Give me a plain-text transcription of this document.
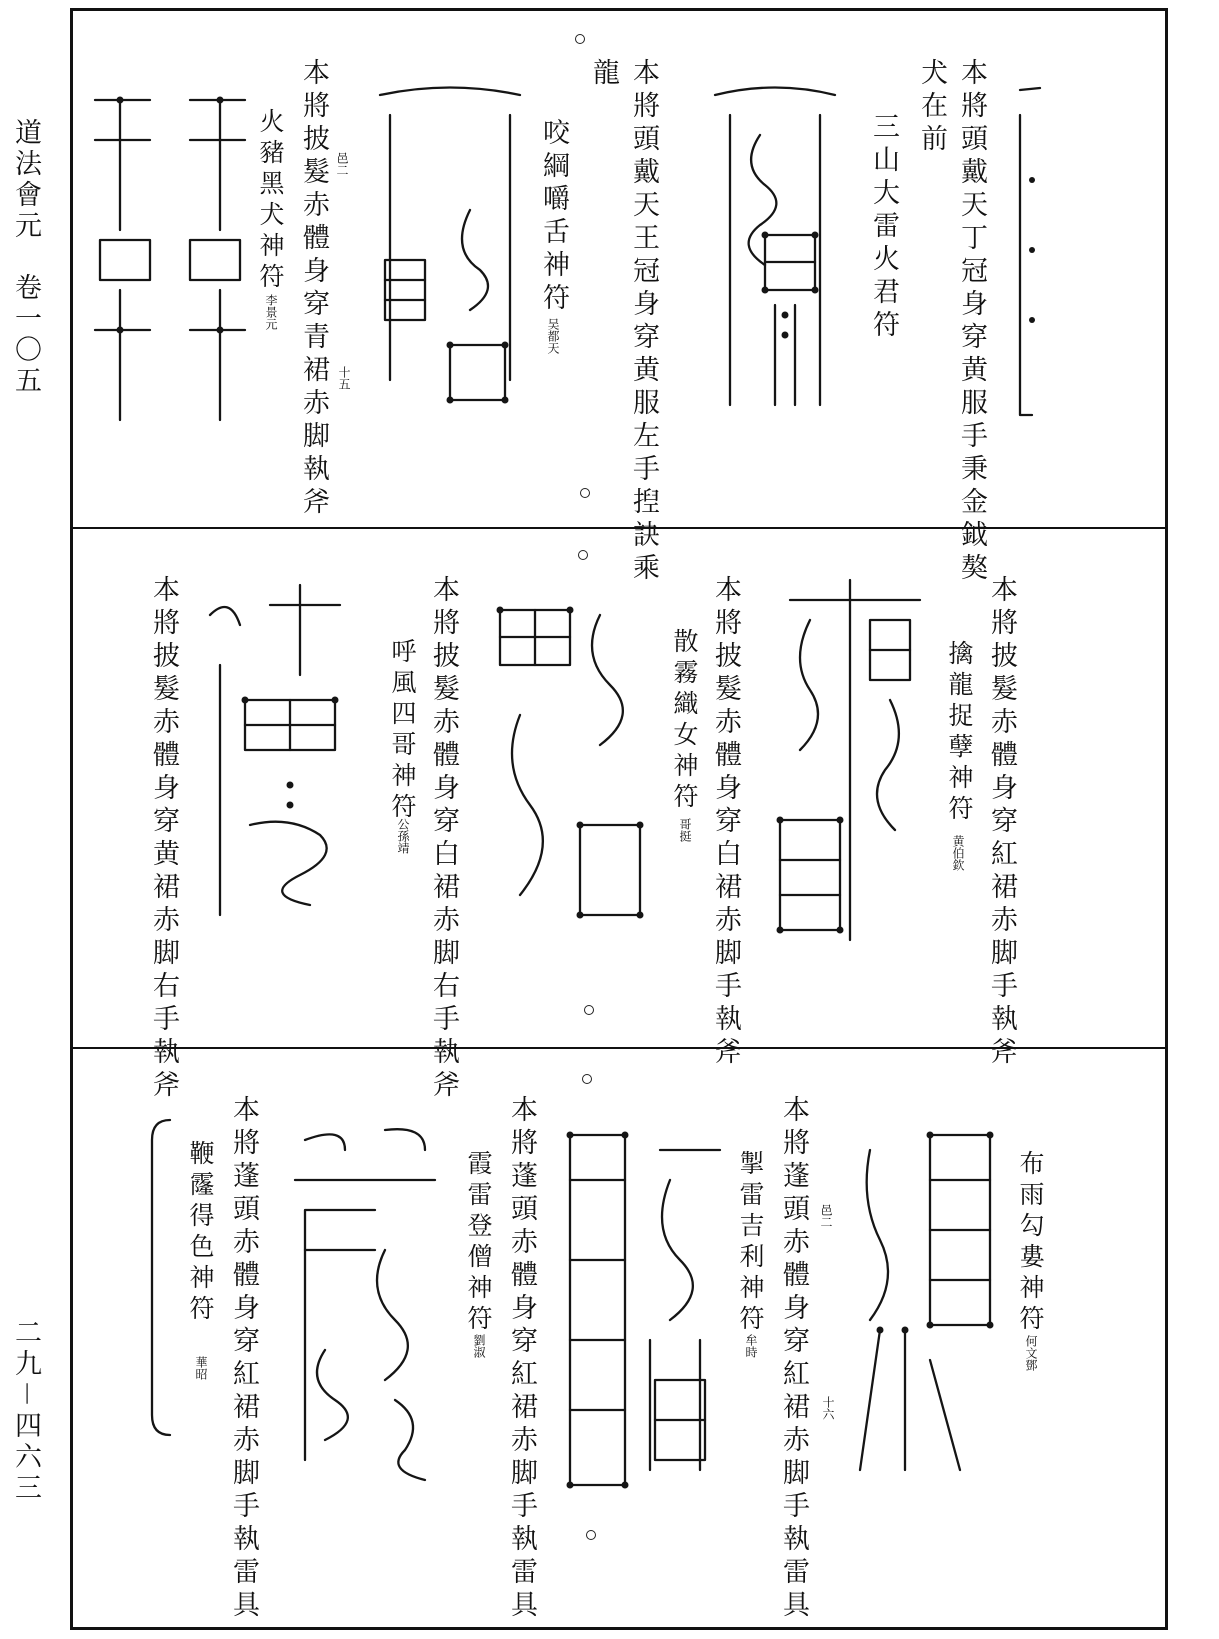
道法會元　卷一〇五
二九－四六三
本將頭戴天丁冠身穿黄服手秉金鉞獒
犬在前
三山大雷火君符
本將頭戴天王冠身穿黄服左手揑訣乘
龍
咬綱嚼舌神符
吴都天
本將披髮赤體身穿青裙赤脚執斧 邑二
十五
火豬黑犬神符
李景元
本將披髮赤體身穿紅裙赤脚手執斧
擒龍捉孽神符
黄伯欽
本將披髮赤體身穿白裙赤脚手執斧
散霧織女神符
哥挺
本將披髮赤體身穿白裙赤脚右手執斧
呼風四哥神符
公孫靖
本將披髮赤體身穿黄裙赤脚右手執斧
布雨勾婁神符
何文鄧
本將蓬頭赤體身穿紅裙赤脚手執雷具 邑二
十六
掣雷吉利神符
牟時
本將蓬頭赤體身穿紅裙赤脚手執雷具
霞雷登僧神符
劉淑
本將蓬頭赤體身穿紅裙赤脚手執雷具
鞭霳得色神符
華昭
